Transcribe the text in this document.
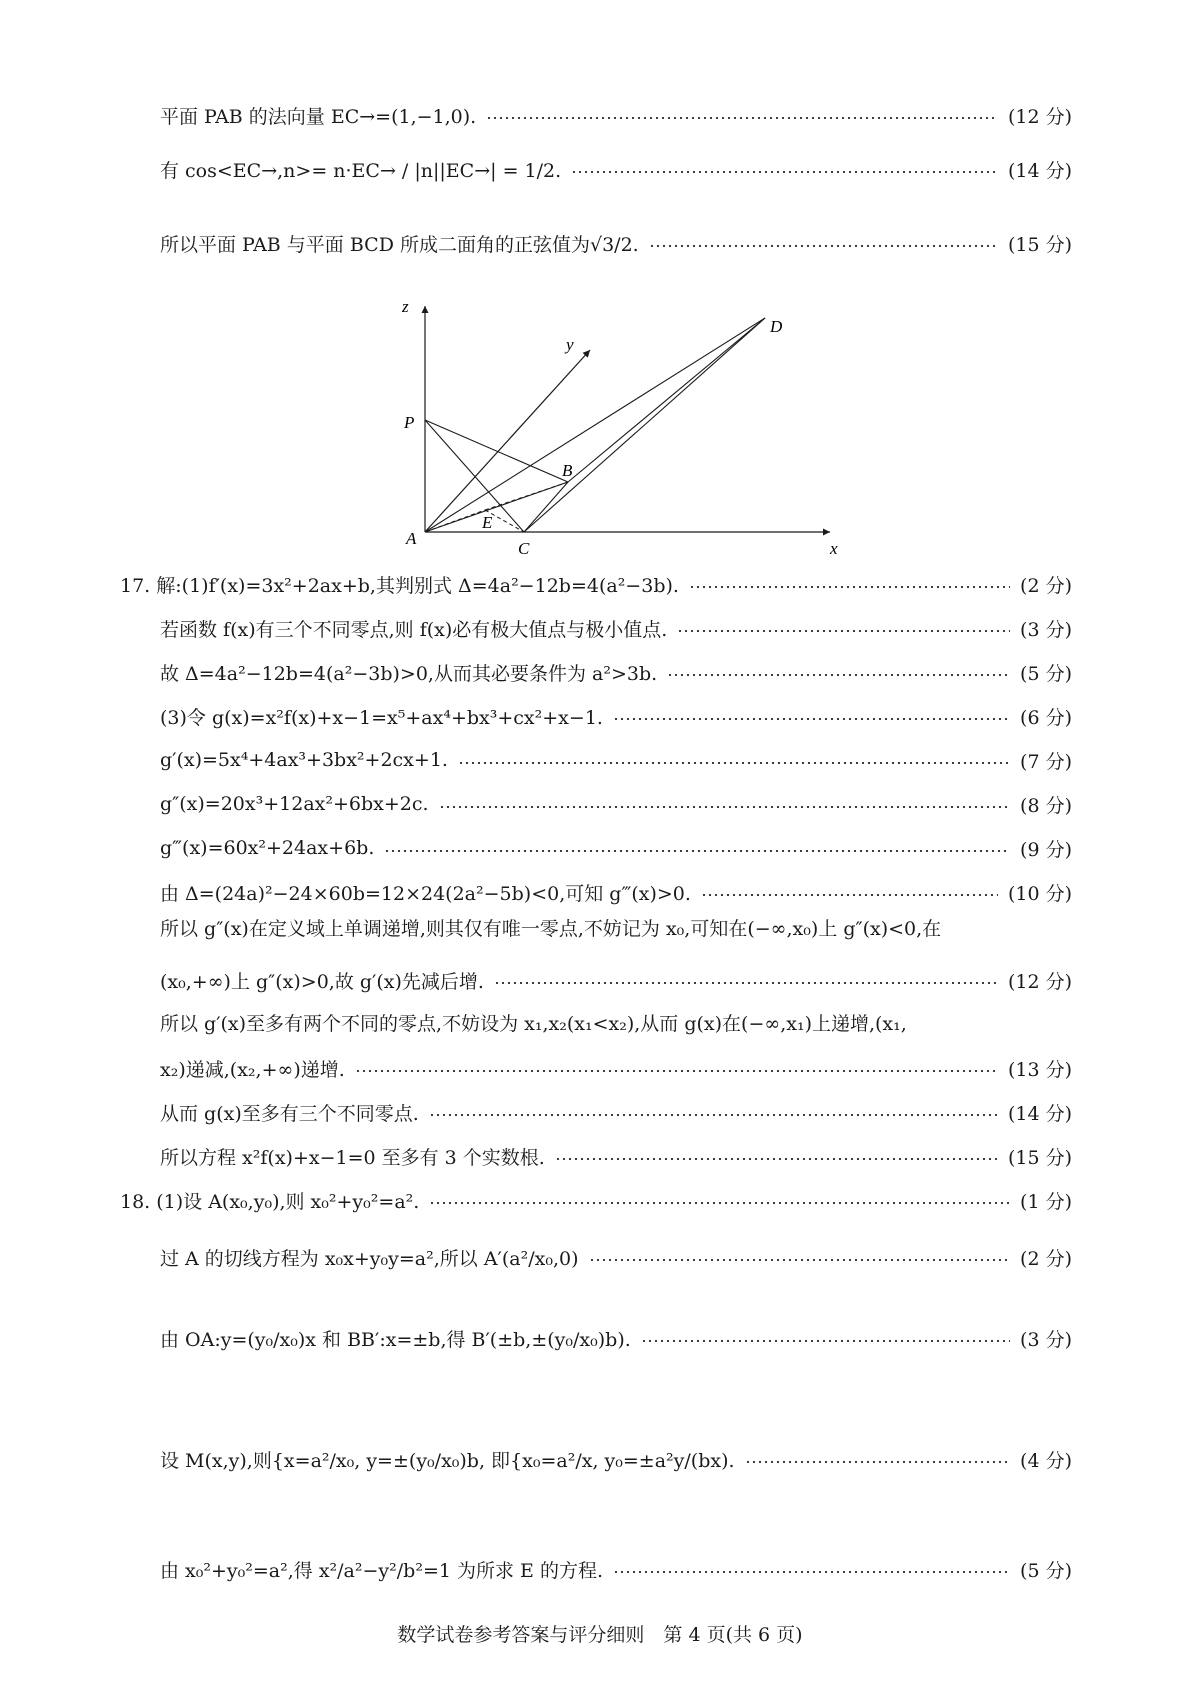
平面 PAB 的法向量 EC→=(1,−1,0).	(12 分)
有 cos<EC→,n>= n·EC→ / |n||EC→| = 1/2.	(14 分)
所以平面 PAB 与平面 BCD 所成二面角的正弦值为√3/2.	(15 分)
z
y
x
P
A
B
C
D
E
17. 解:(1)f′(x)=3x²+2ax+b,其判别式 Δ=4a²−12b=4(a²−3b).	(2 分)
若函数 f(x)有三个不同零点,则 f(x)必有极大值点与极小值点.	(3 分)
故 Δ=4a²−12b=4(a²−3b)>0,从而其必要条件为 a²>3b.	(5 分)
(3)令 g(x)=x²f(x)+x−1=x⁵+ax⁴+bx³+cx²+x−1.	(6 分)
g′(x)=5x⁴+4ax³+3bx²+2cx+1.	(7 分)
g″(x)=20x³+12ax²+6bx+2c.	(8 分)
g‴(x)=60x²+24ax+6b.	(9 分)
由 Δ=(24a)²−24×60b=12×24(2a²−5b)<0,可知 g‴(x)>0.	(10 分)
所以 g″(x)在定义域上单调递增,则其仅有唯一零点,不妨记为 x₀,可知在(−∞,x₀)上 g″(x)<0,在
(x₀,+∞)上 g″(x)>0,故 g′(x)先减后增.	(12 分)
所以 g′(x)至多有两个不同的零点,不妨设为 x₁,x₂(x₁<x₂),从而 g(x)在(−∞,x₁)上递增,(x₁,
x₂)递减,(x₂,+∞)递增.	(13 分)
从而 g(x)至多有三个不同零点.	(14 分)
所以方程 x²f(x)+x−1=0 至多有 3 个实数根.	(15 分)
18. (1)设 A(x₀,y₀),则 x₀²+y₀²=a².	(1 分)
过 A 的切线方程为 x₀x+y₀y=a²,所以 A′(a²/x₀,0)	(2 分)
由 OA:y=(y₀/x₀)x 和 BB′:x=±b,得 B′(±b,±(y₀/x₀)b).	(3 分)
设 M(x,y),则{x=a²/x₀, y=±(y₀/x₀)b, 即{x₀=a²/x, y₀=±a²y/(bx).	(4 分)
由 x₀²+y₀²=a²,得 x²/a²−y²/b²=1 为所求 E 的方程.	(5 分)
数学试卷参考答案与评分细则　第 4 页(共 6 页)
